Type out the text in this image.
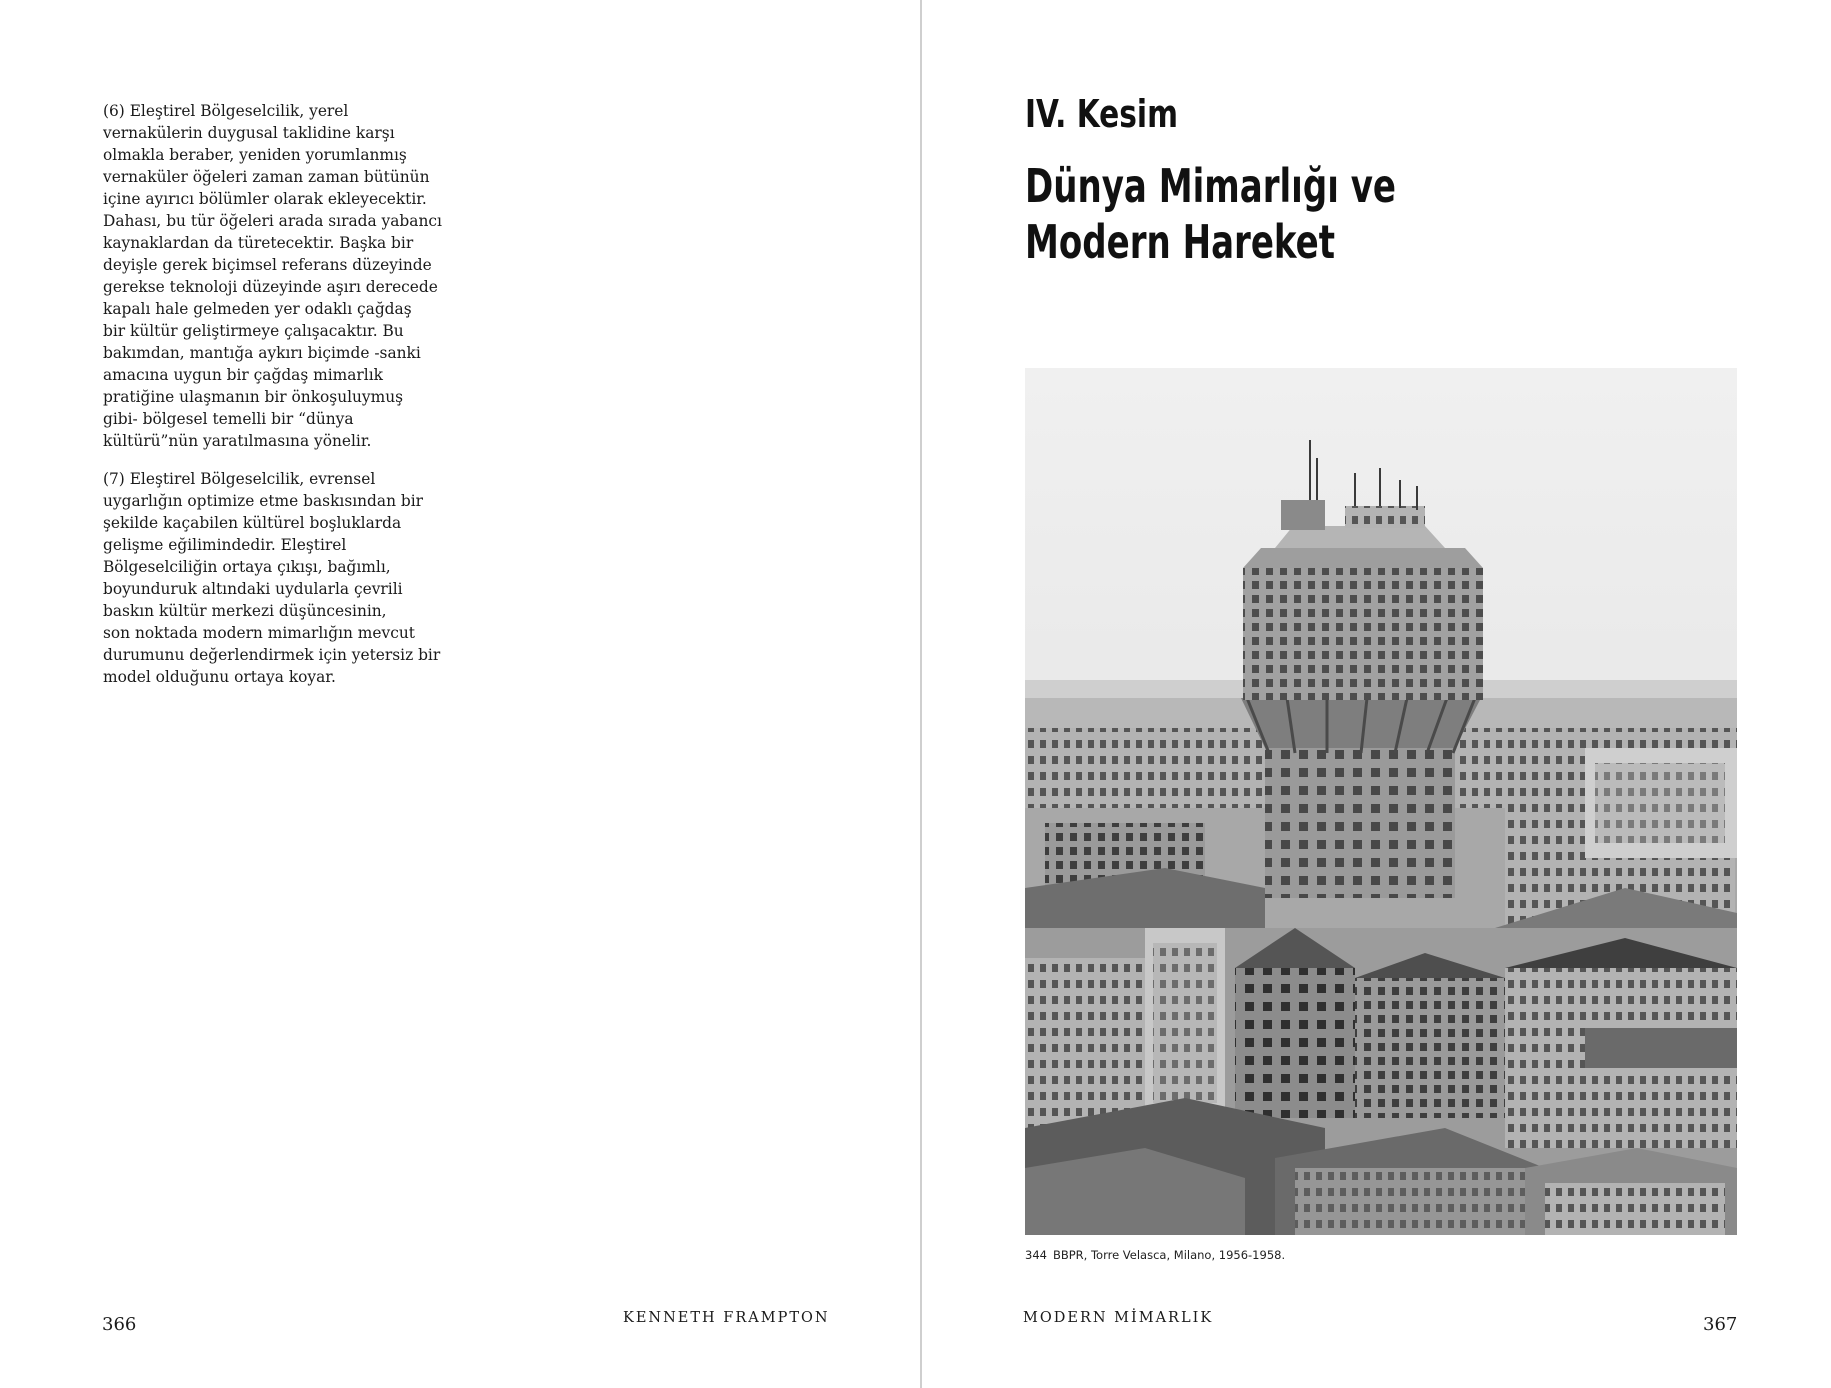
(6) Eleştirel Bölgeselcilik, yerel
vernakülerin duygusal taklidine karşı
olmakla beraber, yeniden yorumlanmış
vernaküler öğeleri zaman zaman bütünün
içine ayırıcı bölümler olarak ekleyecektir.
Dahası, bu tür öğeleri arada sırada yabancı
kaynaklardan da türetecektir. Başka bir
deyişle gerek biçimsel referans düzeyinde
gerekse teknoloji düzeyinde aşırı derecede
kapalı hale gelmeden yer odaklı çağdaş
bir kültür geliştirmeye çalışacaktır. Bu
bakımdan, mantığa aykırı biçimde -sanki
amacına uygun bir çağdaş mimarlık
pratiğine ulaşmanın bir önkoşuluymuş
gibi- bölgesel temelli bir “dünya
kültürü”nün yaratılmasına yönelir.

(7) Eleştirel Bölgeselcilik, evrensel
uygarlığın optimize etme baskısından bir
şekilde kaçabilen kültürel boşluklarda
gelişme eğilimindedir. Eleştirel
Bölgeselciliğin ortaya çıkışı, bağımlı,
boyunduruk altındaki uydularla çevrili
baskın kültür merkezi düşüncesinin,
son noktada modern mimarlığın mevcut
durumunu değerlendirmek için yetersiz bir
model olduğunu ortaya koyar.

366	KENNETH FRAMPTON
IV. Kesim
Dünya Mimarlığı ve
Modern Hareket
344 BBPR, Torre Velasca, Milano, 1956-1958.
MODERN MİMARLIK	367
